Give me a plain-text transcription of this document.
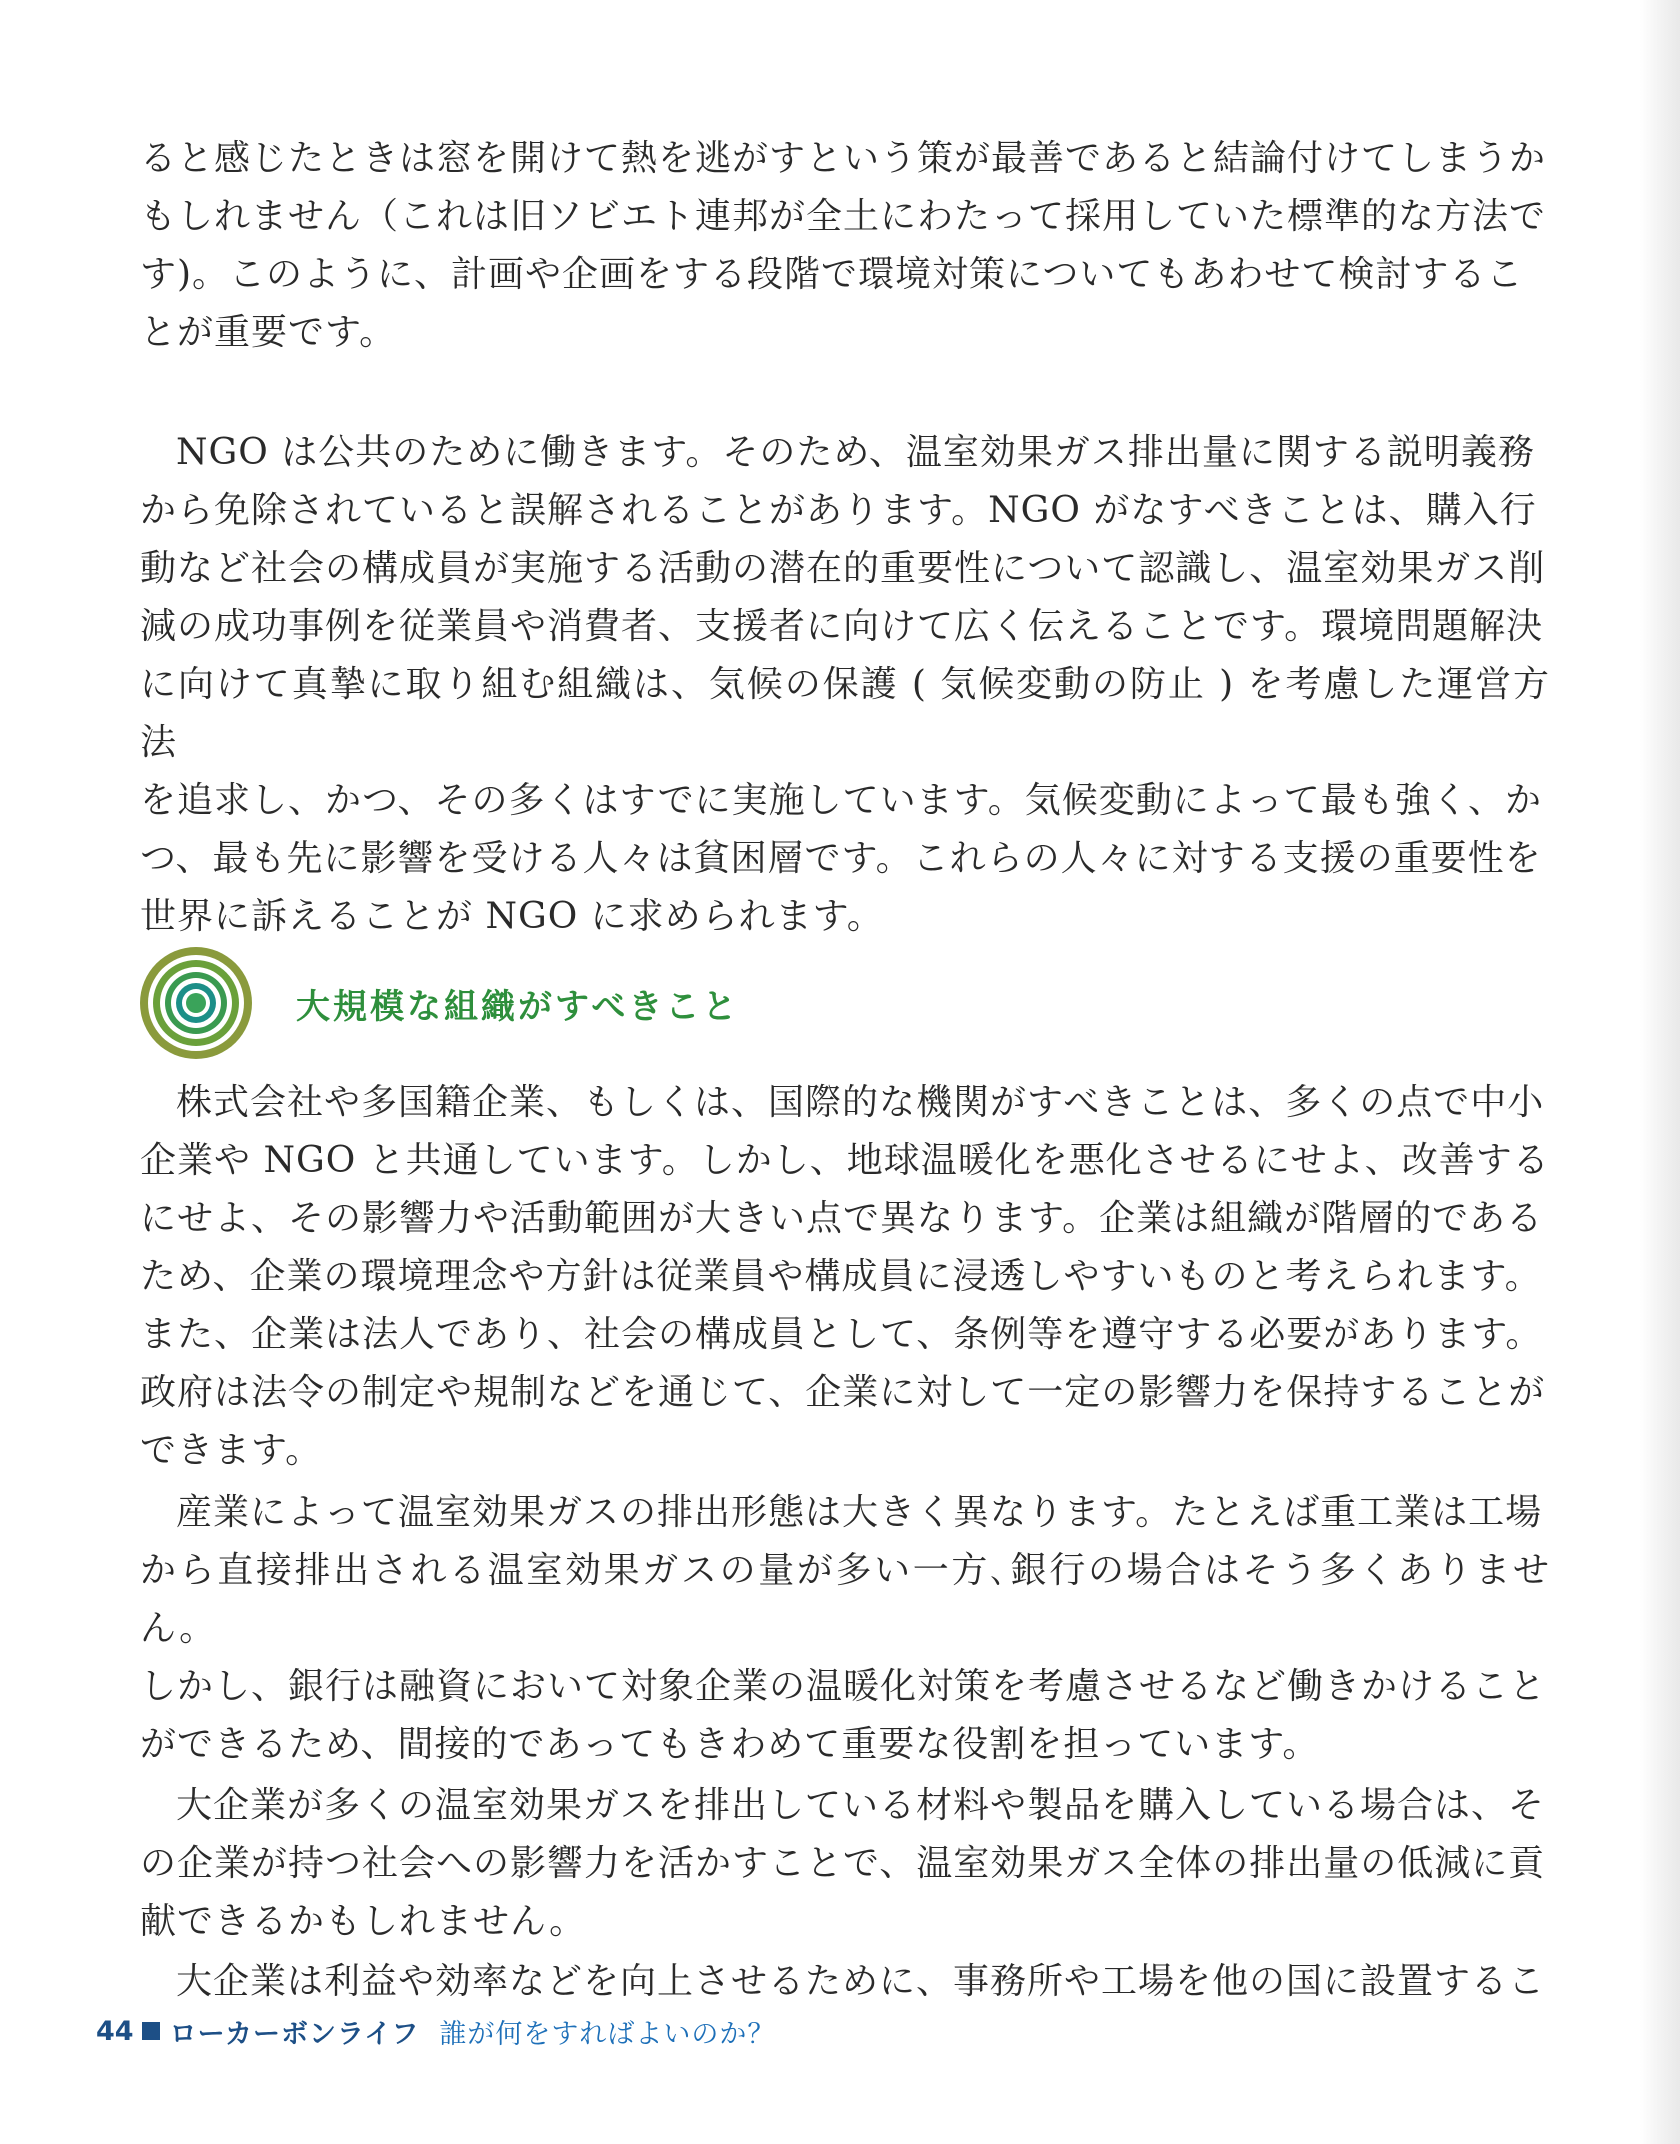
ると感じたときは窓を開けて熱を逃がすという策が最善であると結論付けてしまうか
もしれません（これは旧ソビエト連邦が全土にわたって採用していた標準的な方法で
す)。このように、計画や企画をする段階で環境対策についてもあわせて検討するこ
とが重要です。

NGO は公共のために働きます。そのため、温室効果ガス排出量に関する説明義務
から免除されていると誤解されることがあります。NGO がなすべきことは、購入行
動など社会の構成員が実施する活動の潜在的重要性について認識し、温室効果ガス削
減の成功事例を従業員や消費者、支援者に向けて広く伝えることです。環境問題解決
に向けて真摯に取り組む組織は、気候の保護 ( 気候変動の防止 ) を考慮した運営方法
を追求し、かつ、その多くはすでに実施しています。気候変動によって最も強く、か
つ、最も先に影響を受ける人々は貧困層です。これらの人々に対する支援の重要性を
世界に訴えることが NGO に求められます。

大規模な組織がすべきこと

株式会社や多国籍企業、もしくは、国際的な機関がすべきことは、多くの点で中小
企業や NGO と共通しています。しかし、地球温暖化を悪化させるにせよ、改善する
にせよ、その影響力や活動範囲が大きい点で異なります。企業は組織が階層的である
ため、企業の環境理念や方針は従業員や構成員に浸透しやすいものと考えられます。
また、企業は法人であり、社会の構成員として、条例等を遵守する必要があります。
政府は法令の制定や規制などを通じて、企業に対して一定の影響力を保持することが
できます。

産業によって温室効果ガスの排出形態は大きく異なります。たとえば重工業は工場
から直接排出される温室効果ガスの量が多い一方､銀行の場合はそう多くありません。
しかし、銀行は融資において対象企業の温暖化対策を考慮させるなど働きかけること
ができるため、間接的であってもきわめて重要な役割を担っています。

大企業が多くの温室効果ガスを排出している材料や製品を購入している場合は、そ
の企業が持つ社会への影響力を活かすことで、温室効果ガス全体の排出量の低減に貢
献できるかもしれません。

大企業は利益や効率などを向上させるために、事務所や工場を他の国に設置するこ

44 ローカーボンライフ 誰が何をすればよいのか？
